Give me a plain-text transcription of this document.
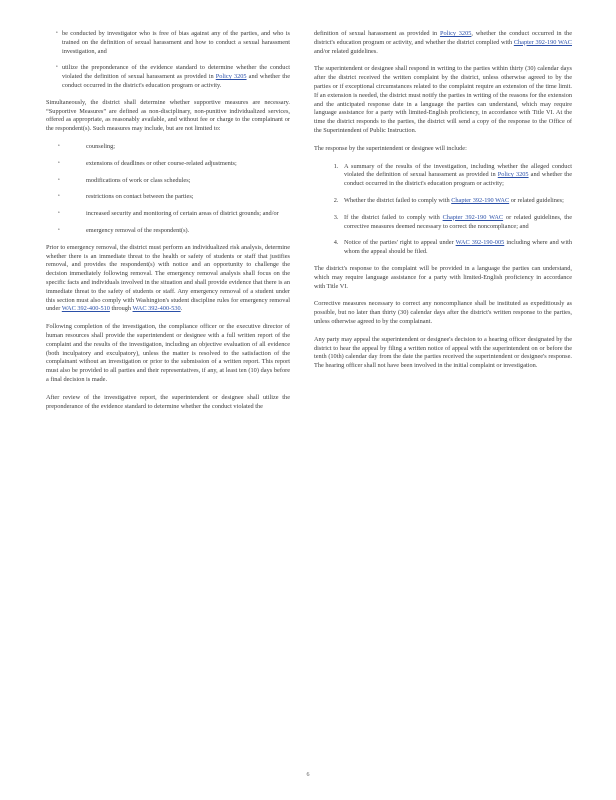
• be conducted by investigator who is free of bias against any of the parties, and who is trained on the definition of sexual harassment and how to conduct a sexual harassment investigation, and
• utilize the preponderance of the evidence standard to determine whether the conduct violated the definition of sexual harassment as provided in Policy 3205 and whether the conduct occurred in the district's education program or activity.

Simultaneously, the district shall determine whether supportive measures are necessary. “Supportive Measures” are defined as non-disciplinary, non-punitive individualized services, offered as appropriate, as reasonably available, and without fee or charge to the complainant or the respondent(s). Such measures may include, but are not limited to:

• counseling;
• extensions of deadlines or other course-related adjustments;
• modifications of work or class schedules;
• restrictions on contact between the parties;
• increased security and monitoring of certain areas of district grounds; and/or
• emergency removal of the respondent(s).

Prior to emergency removal, the district must perform an individualized risk analysis, determine whether there is an immediate threat to the health or safety of students or staff that justifies removal, and provides the respondent(s) with notice and an opportunity to challenge the decision immediately following removal. The emergency removal analysis shall focus on the specific facts and individuals involved in the situation and shall provide evidence that there is an immediate threat to the safety of students or staff. Any emergency removal of a student under this section must also comply with Washington's student discipline rules for emergency removal under WAC 392-400-510 through WAC 392-400-530.

Following completion of the investigation, the compliance officer or the executive director of human resources shall provide the superintendent or designee with a full written report of the complaint and the results of the investigation, including an objective evaluation of all evidence (both inculpatory and exculpatory), unless the matter is resolved to the satisfaction of the complainant without an investigation or prior to the submission of a written report. This report must also be provided to all parties and their representatives, if any, at least ten (10) days before a final decision is made.

After review of the investigative report, the superintendent or designee shall utilize the preponderance of the evidence standard to determine whether the conduct violated the

definition of sexual harassment as provided in Policy 3205, whether the conduct occurred in the district's education program or activity, and whether the district complied with Chapter 392-190 WAC and/or related guidelines.

The superintendent or designee shall respond in writing to the parties within thirty (30) calendar days after the district received the written complaint by the district, unless otherwise agreed to by the parties or if exceptional circumstances related to the complaint require an extension of the time limit. If an extension is needed, the district must notify the parties in writing of the reasons for the extension and the anticipated response date in a language the parties can understand, which may require language assistance for a party with limited-English proficiency, in accordance with Title VI. At the time the district responds to the parties, the district will send a copy of the response to the Office of the Superintendent of Public Instruction.

The response by the superintendent or designee will include:

1. A summary of the results of the investigation, including whether the alleged conduct violated the definition of sexual harassment as provided in Policy 3205 and whether the conduct occurred in the district's education program or activity;
2. Whether the district failed to comply with Chapter 392-190 WAC or related guidelines;
3. If the district failed to comply with Chapter 392-190 WAC or related guidelines, the corrective measures deemed necessary to correct the noncompliance; and
4. Notice of the parties' right to appeal under WAC 392-190-005 including where and with whom the appeal should be filed.

The district's response to the complaint will be provided in a language the parties can understand, which may require language assistance for a party with limited-English proficiency in accordance with Title VI.

Corrective measures necessary to correct any noncompliance shall be instituted as expeditiously as possible, but no later than thirty (30) calendar days after the district's written response to the parties, unless otherwise agreed to by the complainant.

Any party may appeal the superintendent or designee's decision to a hearing officer designated by the district to hear the appeal by filing a written notice of appeal with the superintendent on or before the tenth (10th) calendar day from the date the parties received the superintendent or designee's response. The hearing officer shall not have been involved in the initial complaint or investigation.

6
